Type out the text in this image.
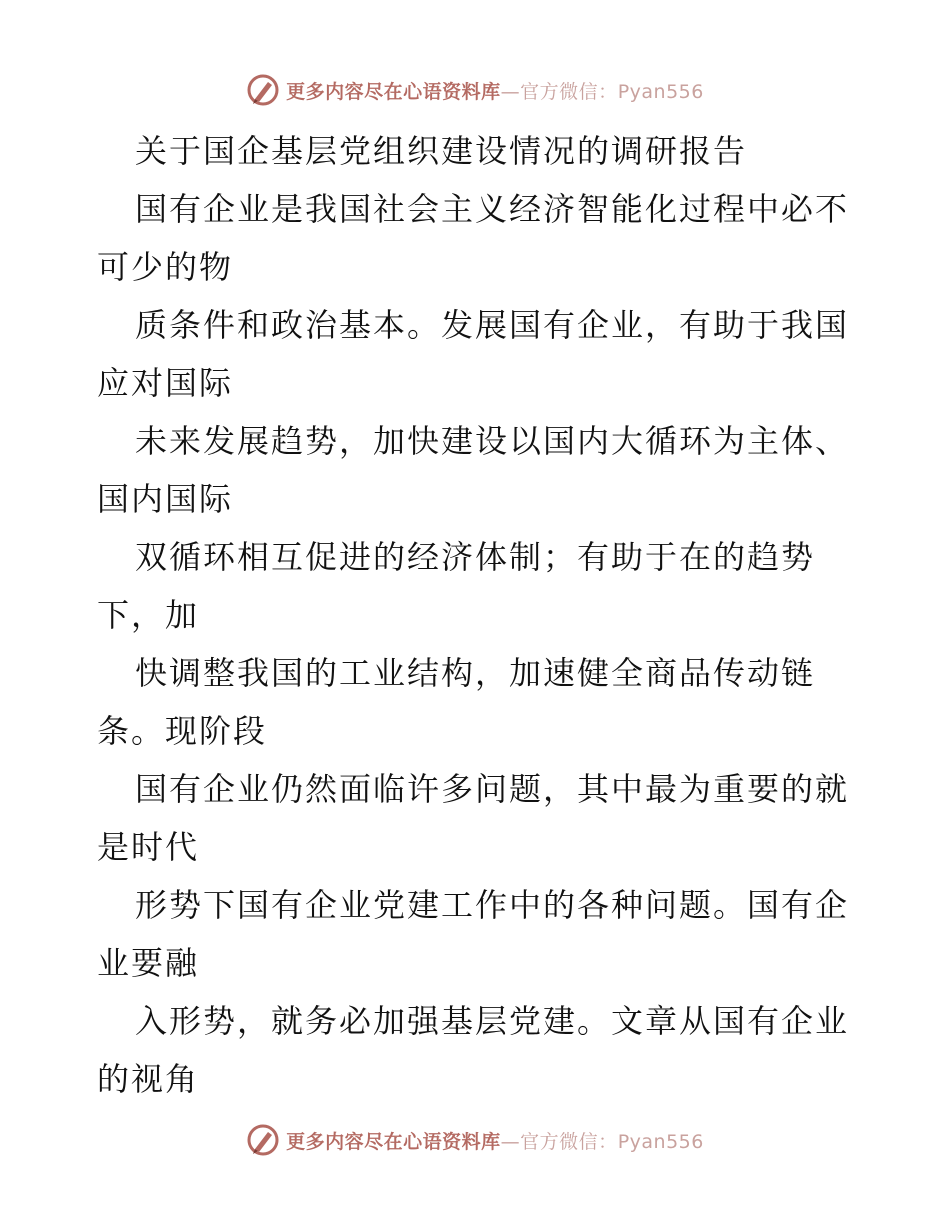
更多内容尽在心语资料库—官方微信：Pyan556
关于国企基层党组织建设情况的调研报告
国有企业是我国社会主义经济智能化过程中必不
可少的物
质条件和政治基本。发展国有企业，有助于我国
应对国际
未来发展趋势，加快建设以国内大循环为主体、
国内国际
双循环相互促进的经济体制；有助于在的趋势
下，加
快调整我国的工业结构，加速健全商品传动链
条。现阶段
国有企业仍然面临许多问题，其中最为重要的就
是时代
形势下国有企业党建工作中的各种问题。国有企
业要融
入形势，就务必加强基层党建。文章从国有企业
的视角
更多内容尽在心语资料库—官方微信：Pyan556
